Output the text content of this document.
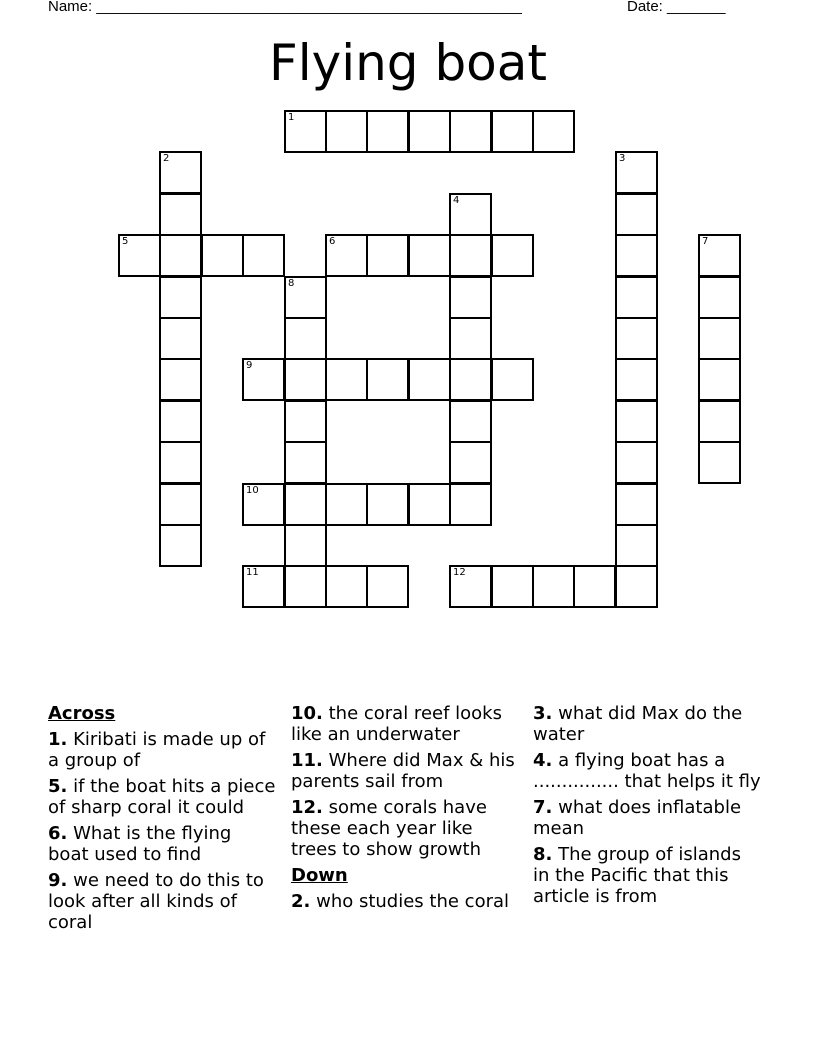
Name: ___________________________________________________	Date: _______
Flying boat
1
2	3
4
5	6	7
8
9
10
11	12
Across
1. Kiribati is made up of a group of
5. if the boat hits a piece of sharp coral it could
6. What is the flying boat used to find
9. we need to do this to look after all kinds of coral
10. the coral reef looks like an underwater
11. Where did Max & his parents sail from
12. some corals have these each year like trees to show growth
Down
2. who studies the coral
3. what did Max do the water
4. a flying boat has a ............... that helps it fly
7. what does inflatable mean
8. The group of islands in the Pacific that this article is from
